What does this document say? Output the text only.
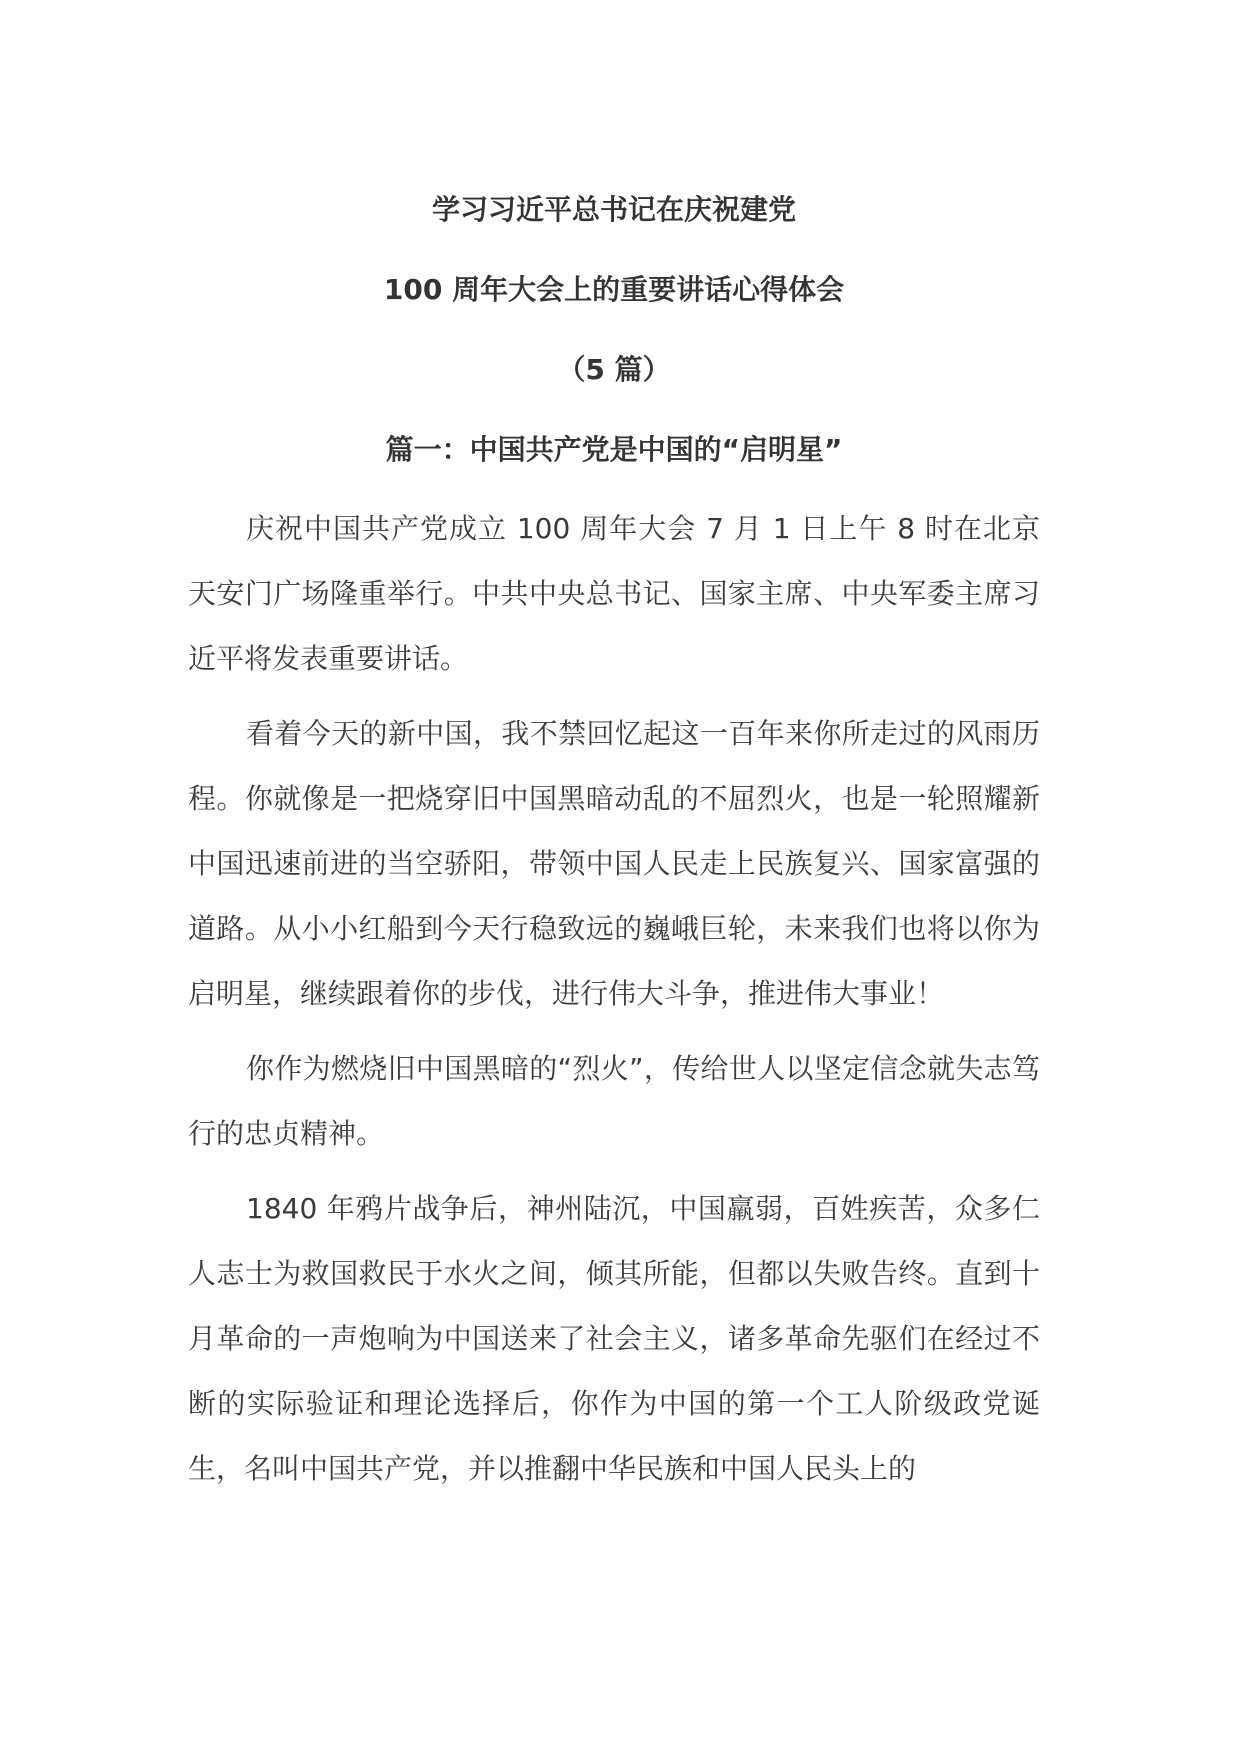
学习习近平总书记在庆祝建党

100 周年大会上的重要讲话心得体会

（5 篇）

篇一：中国共产党是中国的“启明星”

庆祝中国共产党成立 100 周年大会 7 月 1 日上午 8 时在北京天安门广场隆重举行。中共中央总书记、国家主席、中央军委主席习近平将发表重要讲话。

看着今天的新中国，我不禁回忆起这一百年来你所走过的风雨历程。你就像是一把烧穿旧中国黑暗动乱的不屈烈火，也是一轮照耀新中国迅速前进的当空骄阳，带领中国人民走上民族复兴、国家富强的道路。从小小红船到今天行稳致远的巍峨巨轮，未来我们也将以你为启明星，继续跟着你的步伐，进行伟大斗争，推进伟大事业！

你作为燃烧旧中国黑暗的“烈火”，传给世人以坚定信念就失志笃行的忠贞精神。

1840 年鸦片战争后，神州陆沉，中国羸弱，百姓疾苦，众多仁人志士为救国救民于水火之间，倾其所能，但都以失败告终。直到十月革命的一声炮响为中国送来了社会主义，诸多革命先驱们在经过不断的实际验证和理论选择后，你作为中国的第一个工人阶级政党诞生，名叫中国共产党，并以推翻中华民族和中国人民头上的
